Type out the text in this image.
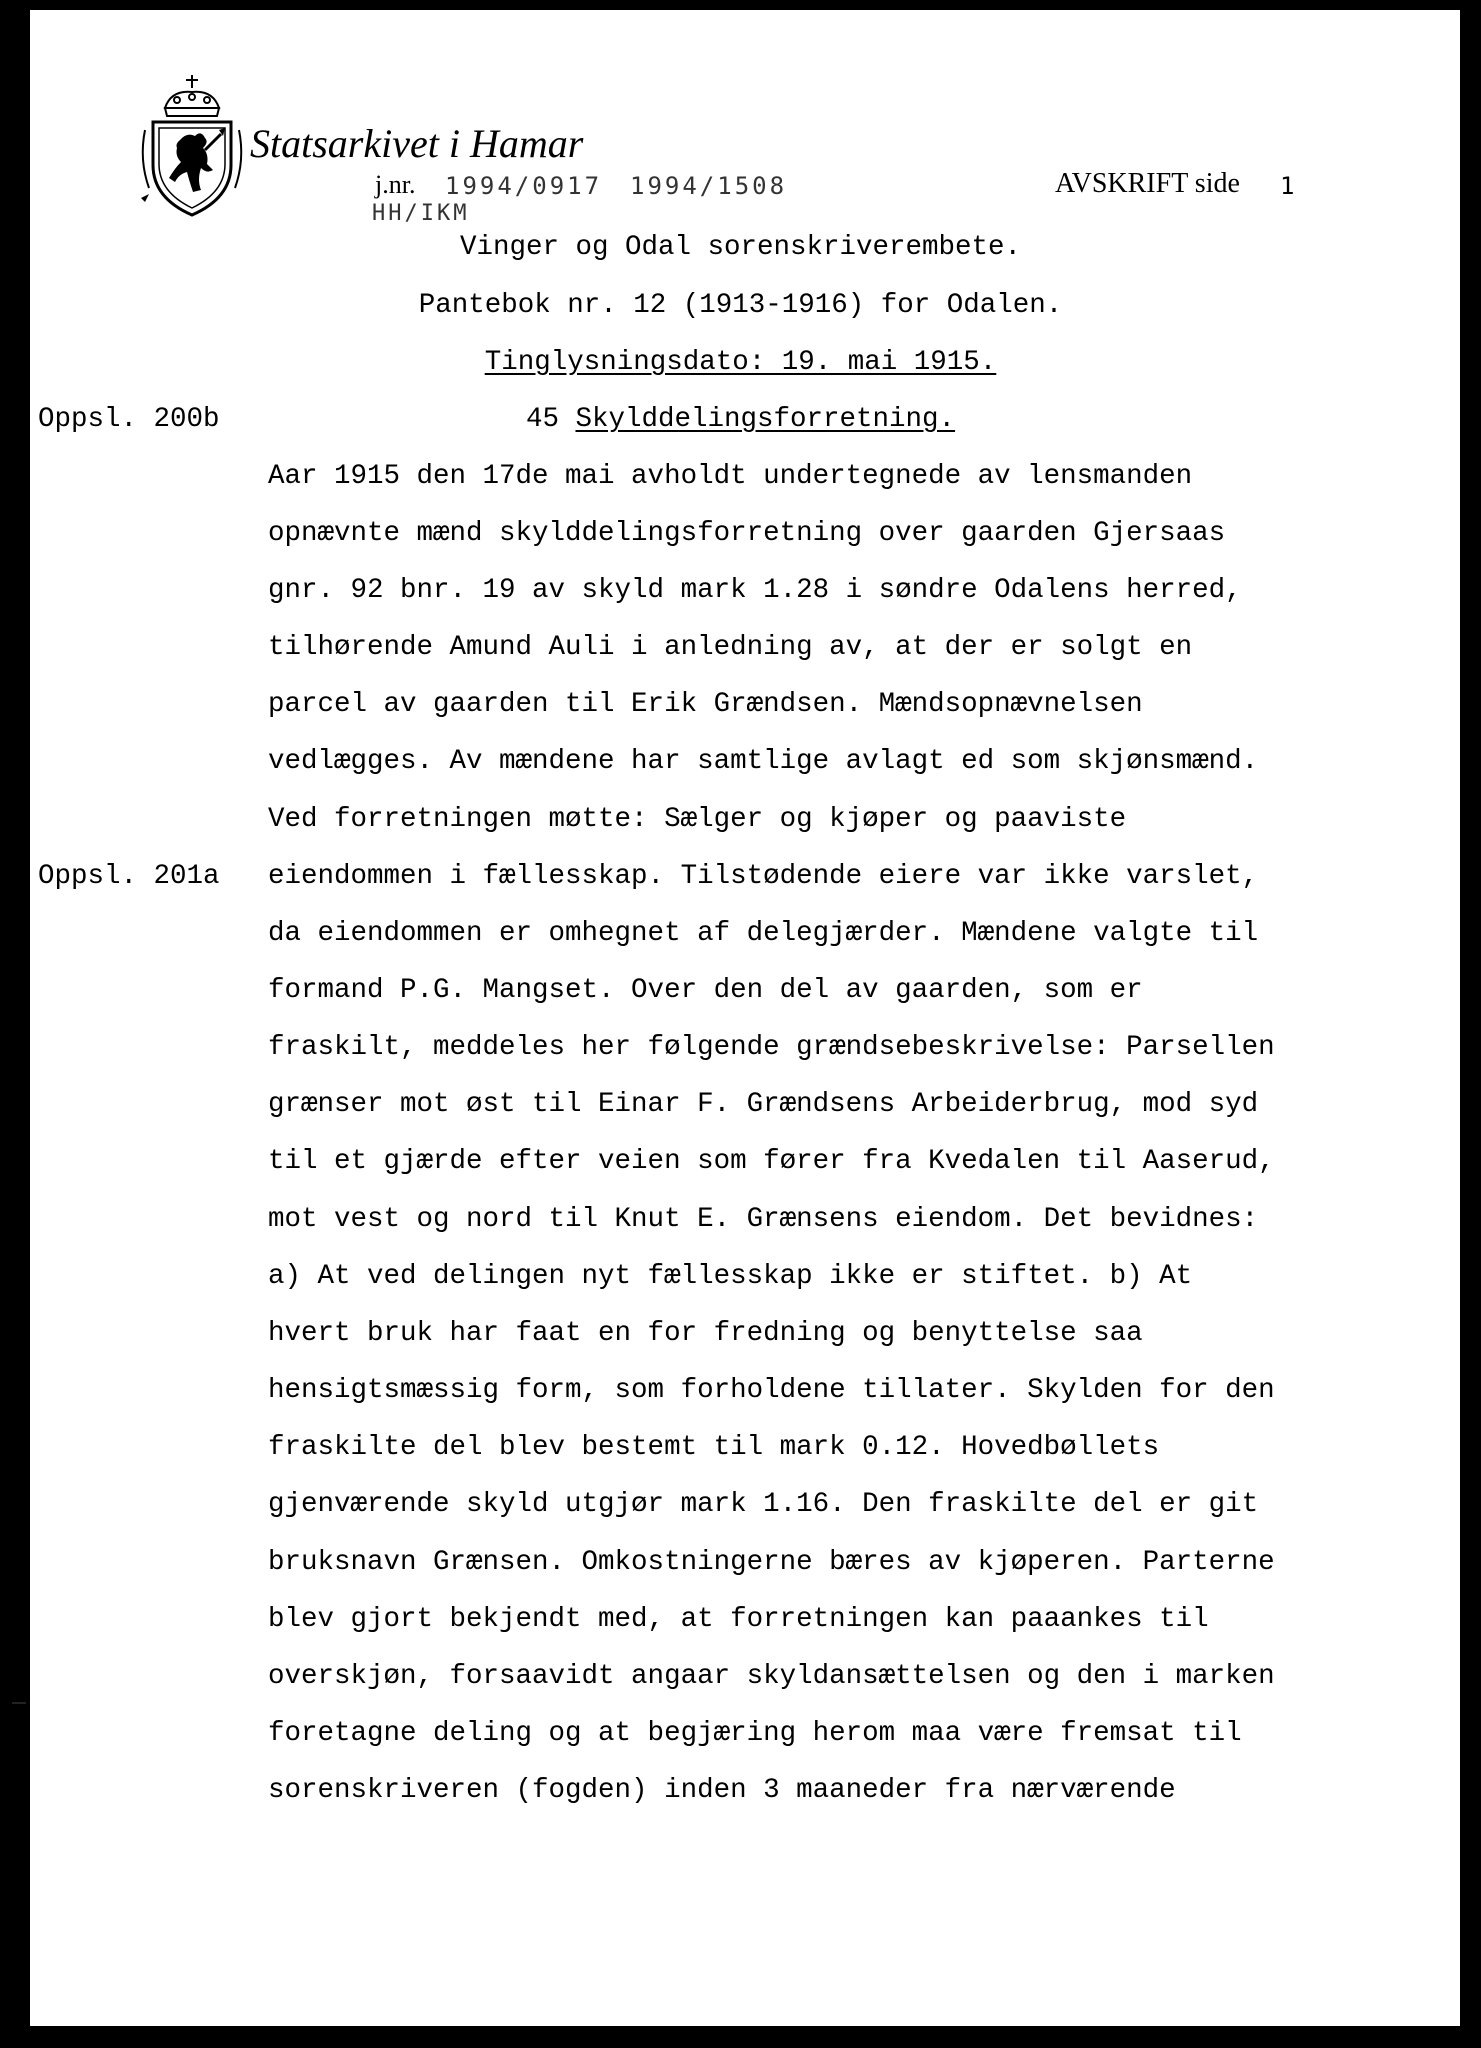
Statsarkivet i Hamar
j.nr. 1994/0917 1994/1508
HH/IKM
AVSKRIFT side 1
Vinger og Odal sorenskriverembete.
Pantebok nr. 12 (1913-1916) for Odalen.
Tinglysningsdato: 19. mai 1915.
45 Skylddelingsforretning.
Oppsl. 200b
Oppsl. 201a
Aar 1915 den 17de mai avholdt undertegnede av lensmanden
opnævnte mænd skylddelingsforretning over gaarden Gjersaas
gnr. 92 bnr. 19 av skyld mark 1.28 i søndre Odalens herred,
tilhørende Amund Auli i anledning av, at der er solgt en
parcel av gaarden til Erik Grændsen. Mændsopnævnelsen
vedlægges. Av mændene har samtlige avlagt ed som skjønsmænd.
Ved forretningen møtte: Sælger og kjøper og paaviste
eiendommen i fællesskap. Tilstødende eiere var ikke varslet,
da eiendommen er omhegnet af delegjærder. Mændene valgte til
formand P.G. Mangset. Over den del av gaarden, som er
fraskilt, meddeles her følgende grændsebeskrivelse: Parsellen
grænser mot øst til Einar F. Grændsens Arbeiderbrug, mod syd
til et gjærde efter veien som fører fra Kvedalen til Aaserud,
mot vest og nord til Knut E. Grænsens eiendom. Det bevidnes:
a) At ved delingen nyt fællesskap ikke er stiftet. b) At
hvert bruk har faat en for fredning og benyttelse saa
hensigtsmæssig form, som forholdene tillater. Skylden for den
fraskilte del blev bestemt til mark 0.12. Hovedbøllets
gjenværende skyld utgjør mark 1.16. Den fraskilte del er git
bruksnavn Grænsen. Omkostningerne bæres av kjøperen. Parterne
blev gjort bekjendt med, at forretningen kan paaankes til
overskjøn, forsaavidt angaar skyldansættelsen og den i marken
foretagne deling og at begjæring herom maa være fremsat til
sorenskriveren (fogden) inden 3 maaneder fra nærværende
